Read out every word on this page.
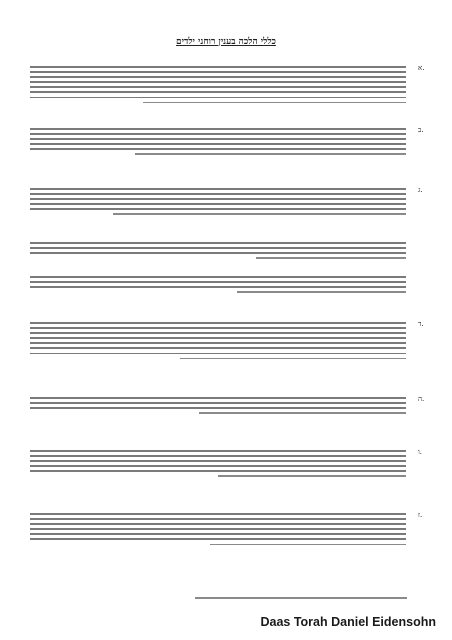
כללי הלכה בענין רוחני ילדים
א.
ב.
ג.
ד.
ה.
ו.
ז.
Daas Torah Daniel Eidensohn
